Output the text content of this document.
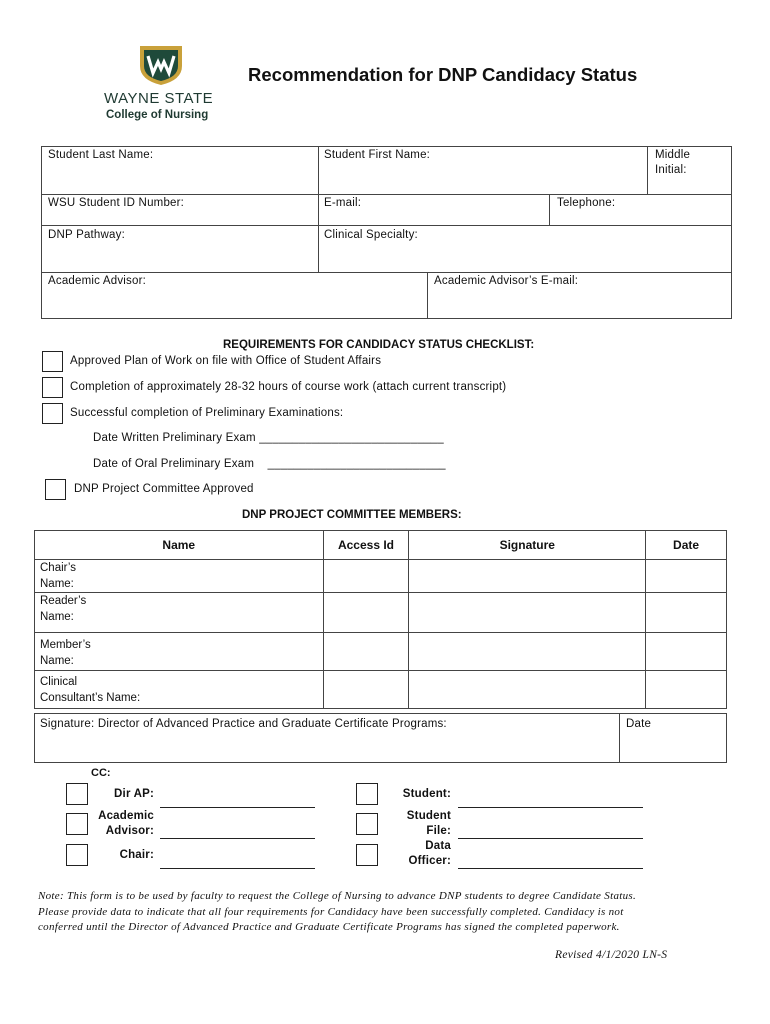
WAYNE STATE
College of Nursing
Recommendation for DNP Candidacy Status
Student Last Name:	Student First Name:	Middle
Initial:
WSU Student ID Number:	E-mail:	Telephone:
DNP Pathway:	Clinical Specialty:
Academic Advisor:	Academic Advisor’s E-mail:
REQUIREMENTS FOR CANDIDACY STATUS CHECKLIST:
Approved Plan of Work on file with Office of Student Affairs
Completion of approximately 28-32 hours of course work (attach current transcript)
Successful completion of Preliminary Examinations:
Date Written Preliminary Exam ____________________________
Date of Oral Preliminary Exam    ___________________________
DNP Project Committee Approved
DNP PROJECT COMMITTEE MEMBERS:
Name	Access Id	Signature	Date

Chair’s
Name:			

Reader’s
Name:			

Member’s
Name:			

Clinical
Consultant’s Name:			

Signature: Director of Advanced Practice and Graduate Certificate Programs:	Date
CC:
Dir AP:
Academic
Advisor:
Chair:
Student:
Student
File:
Data
Officer:
Note: This form is to be used by faculty to request the College of Nursing to advance DNP students to degree Candidate Status. Please provide data to indicate that all four requirements for Candidacy have been successfully completed. Candidacy is not conferred until the Director of Advanced Practice and Graduate Certificate Programs has signed the completed paperwork.
Revised 4/1/2020 LN-S
